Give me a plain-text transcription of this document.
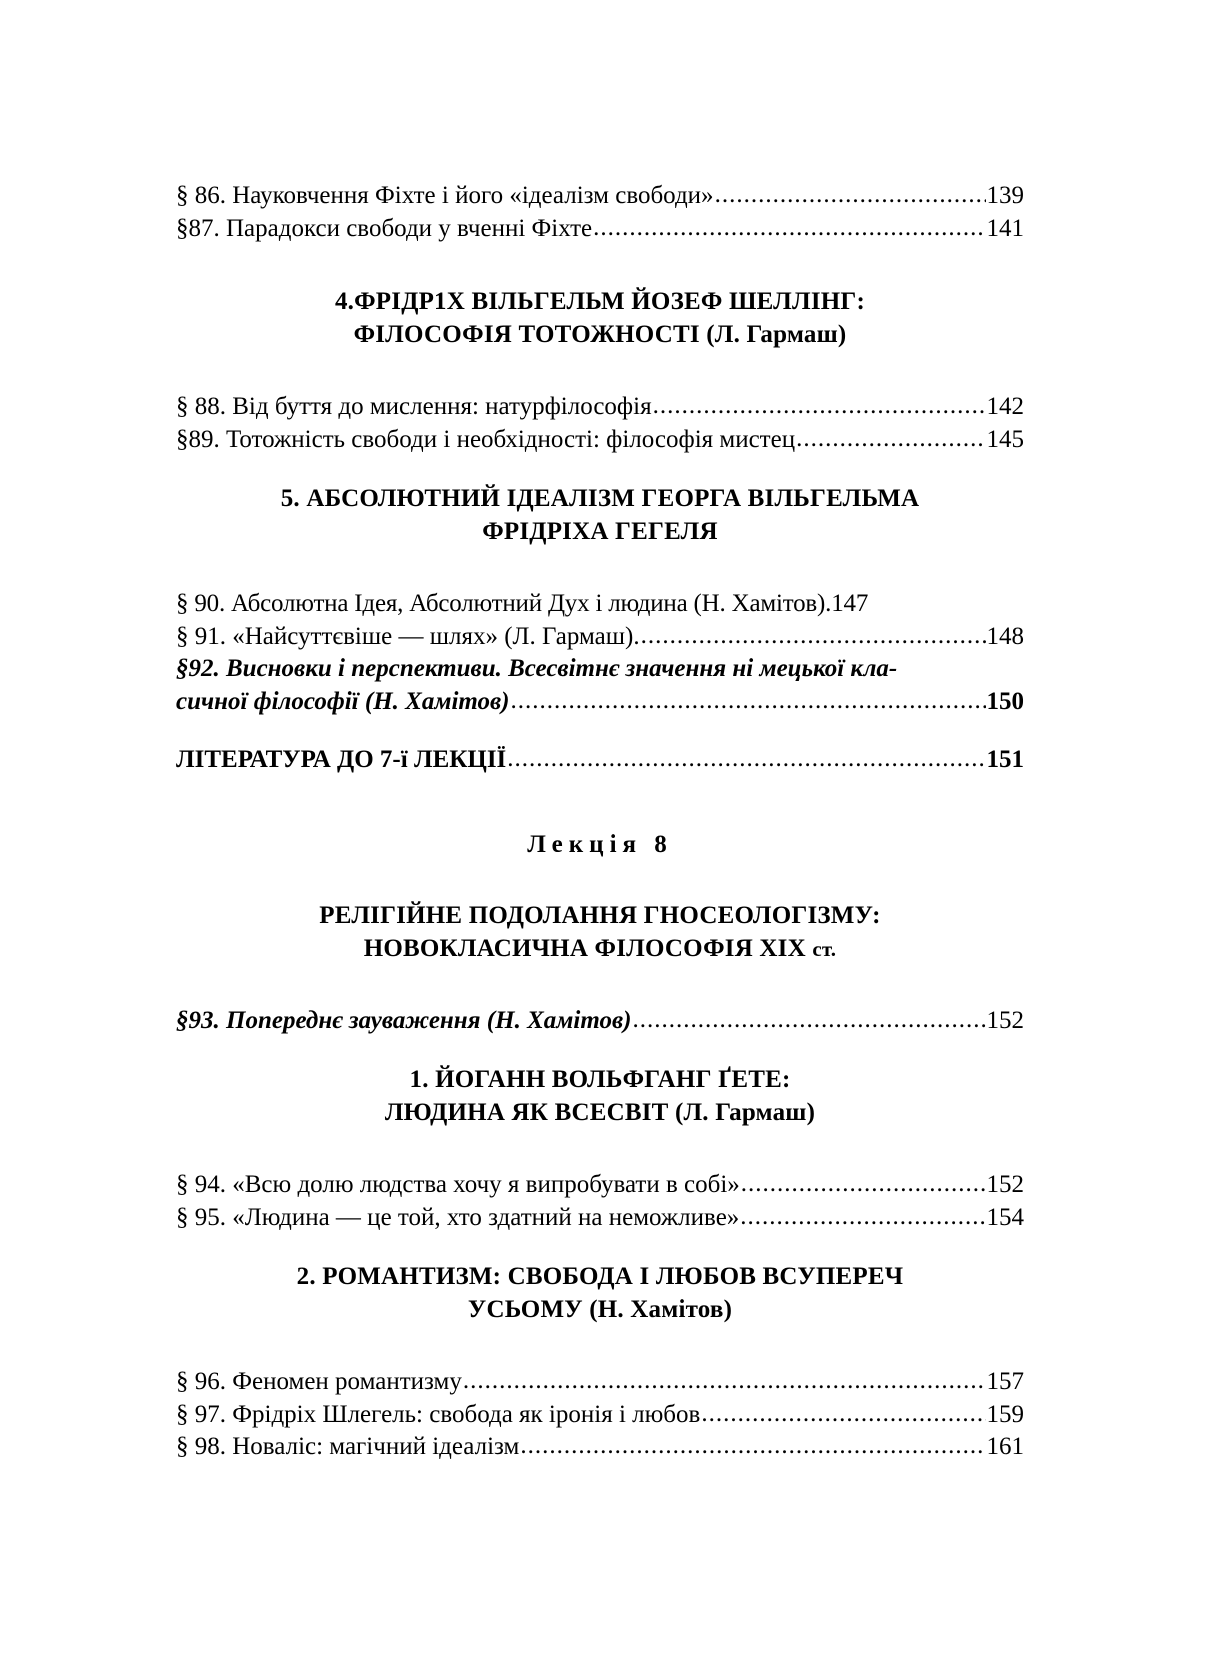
§ 86. Науковчення Фіхте і його «ідеалізм свободи» .....	139
§87. Парадокси свободи у вченні Фіхте .....	141
4.ФРІДР1Х ВІЛЬГЕЛЬМ ЙОЗЕФ ШЕЛЛІНГ:
ФІЛОСОФІЯ ТОТОЖНОСТІ (Л. Гармаш)
§ 88. Від буття до мислення: натурфілософія .....	142
§89. Тотожність свободи і необхідності: філософія мистец .....	145
5. АБСОЛЮТНИЙ ІДЕАЛІЗМ ГЕОРГА ВІЛЬГЕЛЬМА
ФРІДРІХА ГЕГЕЛЯ
§ 90. Абсолютна Ідея, Абсолютний Дух і людина (Н. Хамітов). 147
§ 91. «Найсуттєвіше — шлях» (Л. Гармаш). .....	148
§92. Висновки і перспективи. Всесвітнє значення ні мецької кла-
сичної філософії (Н. Хамітов) .....	150
ЛІТЕРАТУРА ДО 7-ї ЛЕКЦІЇ .....	151
Лекція 8
РЕЛІГІЙНЕ ПОДОЛАННЯ ГНОСЕОЛОГІЗМУ:
НОВОКЛАСИЧНА ФІЛОСОФІЯ XIX ст.
§93. Попереднє зауваження (Н. Хамітов) .....	152
1. ЙОГАНН ВОЛЬФГАНГ ҐЕТЕ:
ЛЮДИНА ЯК ВСЕСВІТ (Л. Гармаш)
§ 94. «Всю долю людства хочу я випробувати в собі» .....	152
§ 95. «Людина — це той, хто здатний на неможливе» .....	154
2. РОМАНТИЗМ: СВОБОДА І ЛЮБОВ ВСУПЕРЕЧ
УСЬОМУ (Н. Хамітов)
§ 96. Феномен романтизму .....	157
§ 97. Фрідріх Шлегель: свобода як іронія і любов .....	159
§ 98. Новаліс: магічний ідеалізм .....	161
